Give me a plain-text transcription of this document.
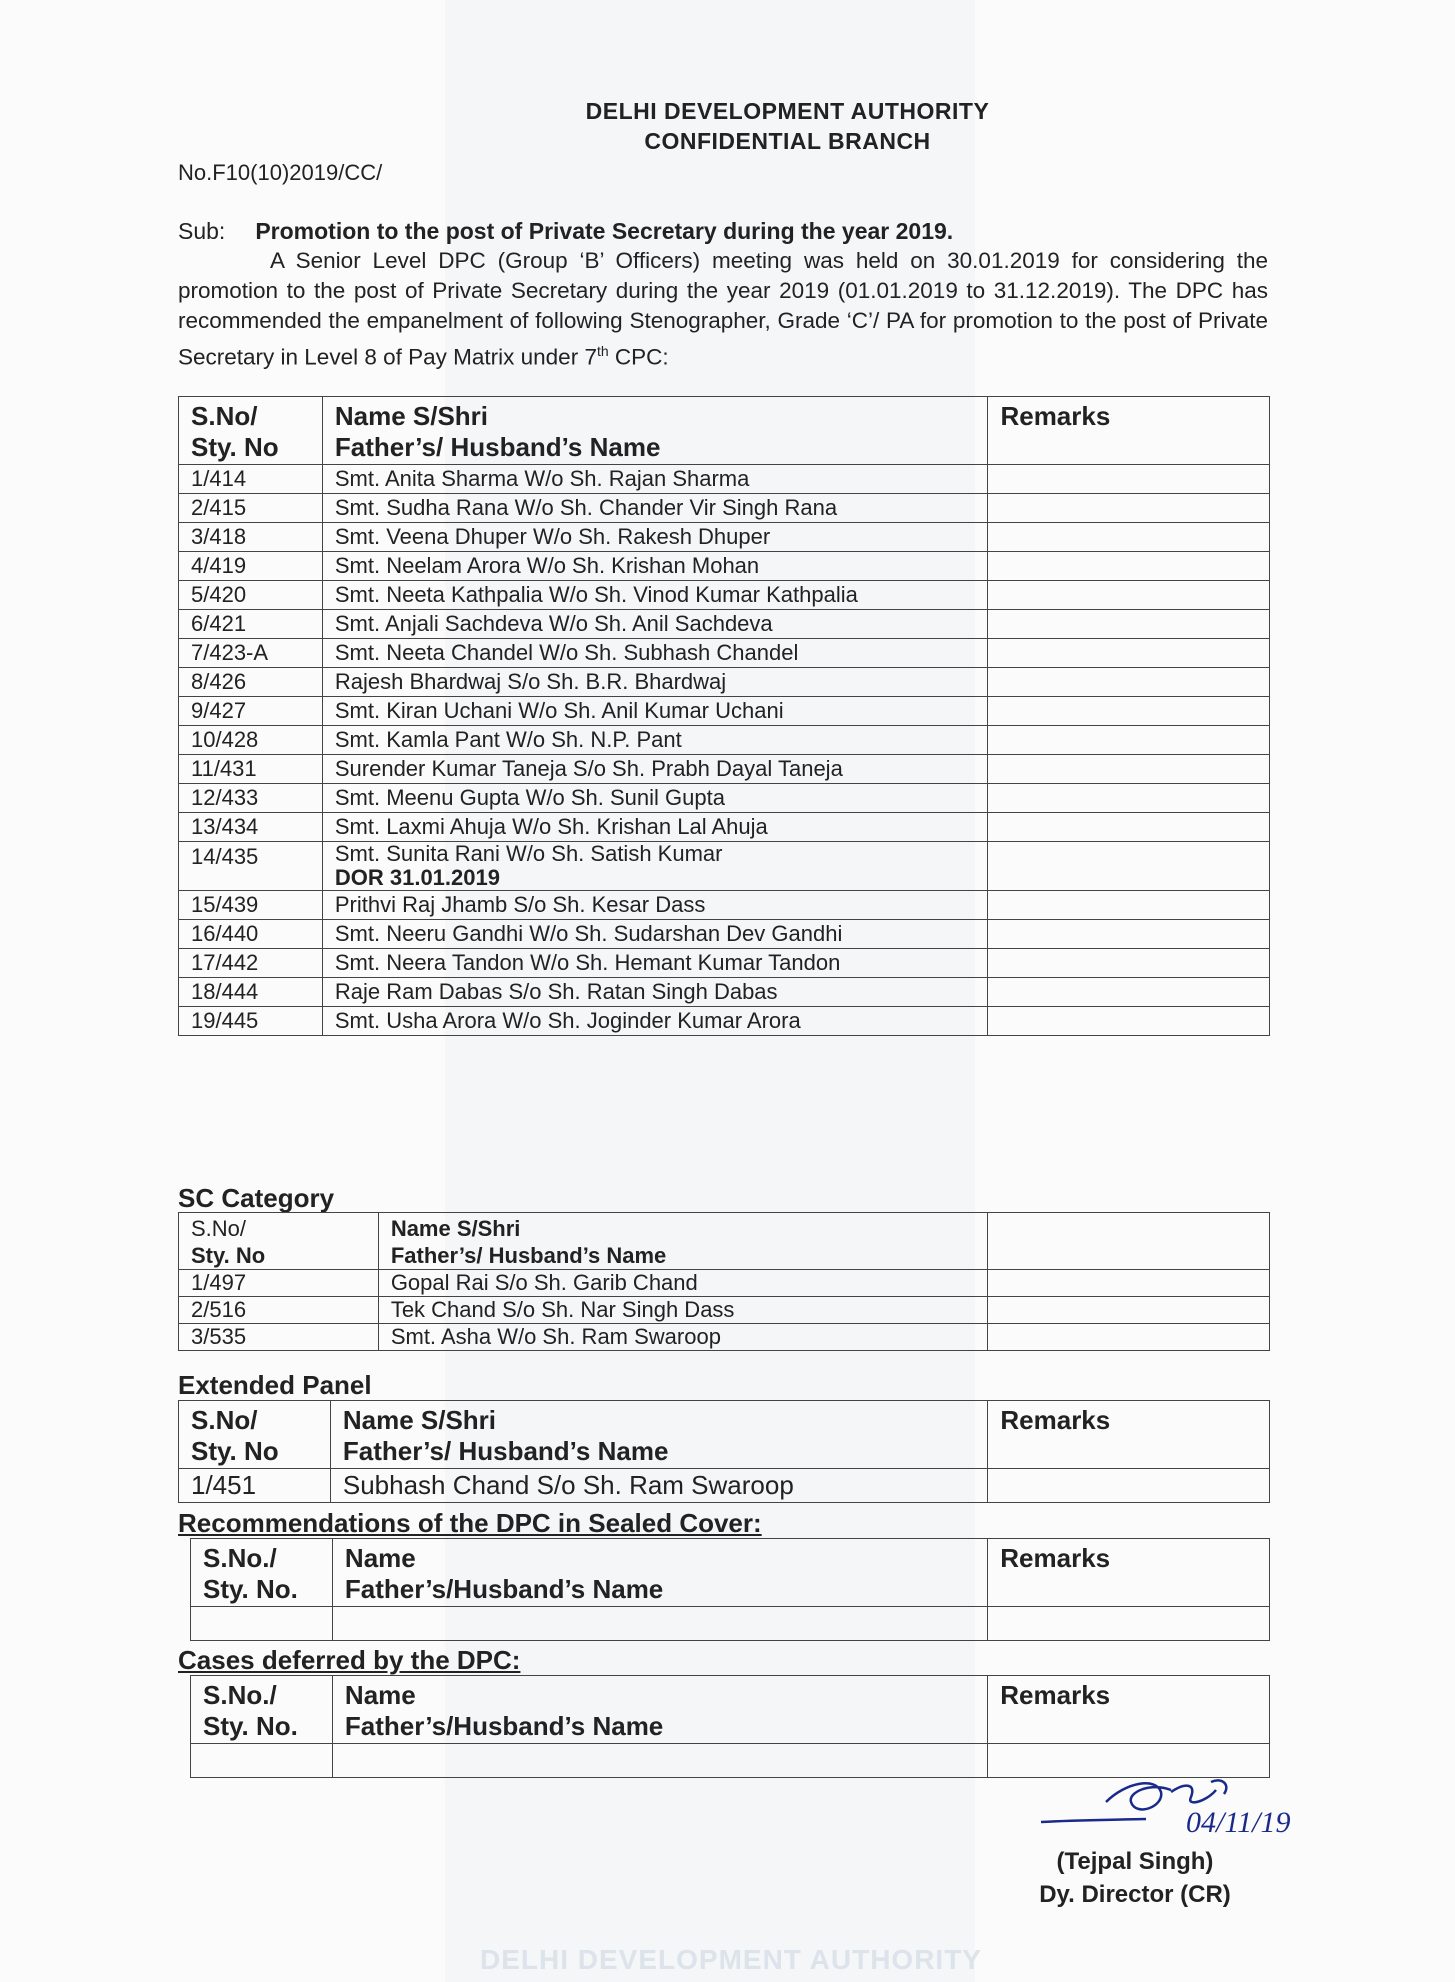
DELHI DEVELOPMENT AUTHORITY
CONFIDENTIAL BRANCH
No.F10(10)2019/CC/
Sub: Promotion to the post of Private Secretary during the year 2019.
A Senior Level DPC (Group ‘B’ Officers) meeting was held on 30.01.2019 for considering the promotion to the post of Private Secretary during the year 2019 (01.01.2019 to 31.12.2019). The DPC has recommended the empanelment of following Stenographer, Grade ‘C’/ PA for promotion to the post of Private Secretary in Level 8 of Pay Matrix under 7th CPC:
S.No/
Sty. No	Name S/Shri
Father’s/ Husband’s Name	Remarks
1/414	Smt. Anita Sharma W/o Sh. Rajan Sharma	
2/415	Smt. Sudha Rana W/o Sh. Chander Vir Singh Rana	
3/418	Smt. Veena Dhuper W/o Sh. Rakesh Dhuper	
4/419	Smt. Neelam Arora W/o Sh. Krishan Mohan	
5/420	Smt. Neeta Kathpalia W/o Sh. Vinod Kumar Kathpalia	
6/421	Smt. Anjali Sachdeva W/o Sh. Anil Sachdeva	
7/423-A	Smt. Neeta Chandel W/o Sh. Subhash Chandel	
8/426	Rajesh Bhardwaj S/o Sh. B.R. Bhardwaj	
9/427	Smt. Kiran Uchani W/o Sh. Anil Kumar Uchani	
10/428	Smt. Kamla Pant W/o Sh. N.P. Pant	
11/431	Surender Kumar Taneja S/o Sh. Prabh Dayal Taneja	
12/433	Smt. Meenu Gupta W/o Sh. Sunil Gupta	
13/434	Smt. Laxmi Ahuja W/o Sh. Krishan Lal Ahuja	
14/435	Smt. Sunita Rani W/o Sh. Satish Kumar
DOR 31.01.2019	

15/439	Prithvi Raj Jhamb S/o Sh. Kesar Dass	
16/440	Smt. Neeru Gandhi W/o Sh. Sudarshan Dev Gandhi	
17/442	Smt. Neera Tandon W/o Sh. Hemant Kumar Tandon	
18/444	Raje Ram Dabas S/o Sh. Ratan Singh Dabas	
19/445	Smt. Usha Arora W/o Sh. Joginder Kumar Arora	
SC Category
S.No/
Sty. No	Name S/Shri
Father’s/ Husband’s Name	
1/497	Gopal Rai S/o Sh. Garib Chand	
2/516	Tek Chand S/o Sh. Nar Singh Dass	
3/535	Smt. Asha W/o Sh. Ram Swaroop	
Extended Panel
S.No/
Sty. No	Name S/Shri
Father’s/ Husband’s Name	Remarks
1/451	Subhash Chand S/o Sh. Ram Swaroop	
Recommendations of the DPC in Sealed Cover:
S.No./
Sty. No.	Name
Father’s/Husband’s Name	Remarks

Cases deferred by the DPC:
S.No./
Sty. No.	Name
Father’s/Husband’s Name	Remarks

04/11/19
(Tejpal Singh)
Dy. Director (CR)
DELHI DEVELOPMENT AUTHORITY
